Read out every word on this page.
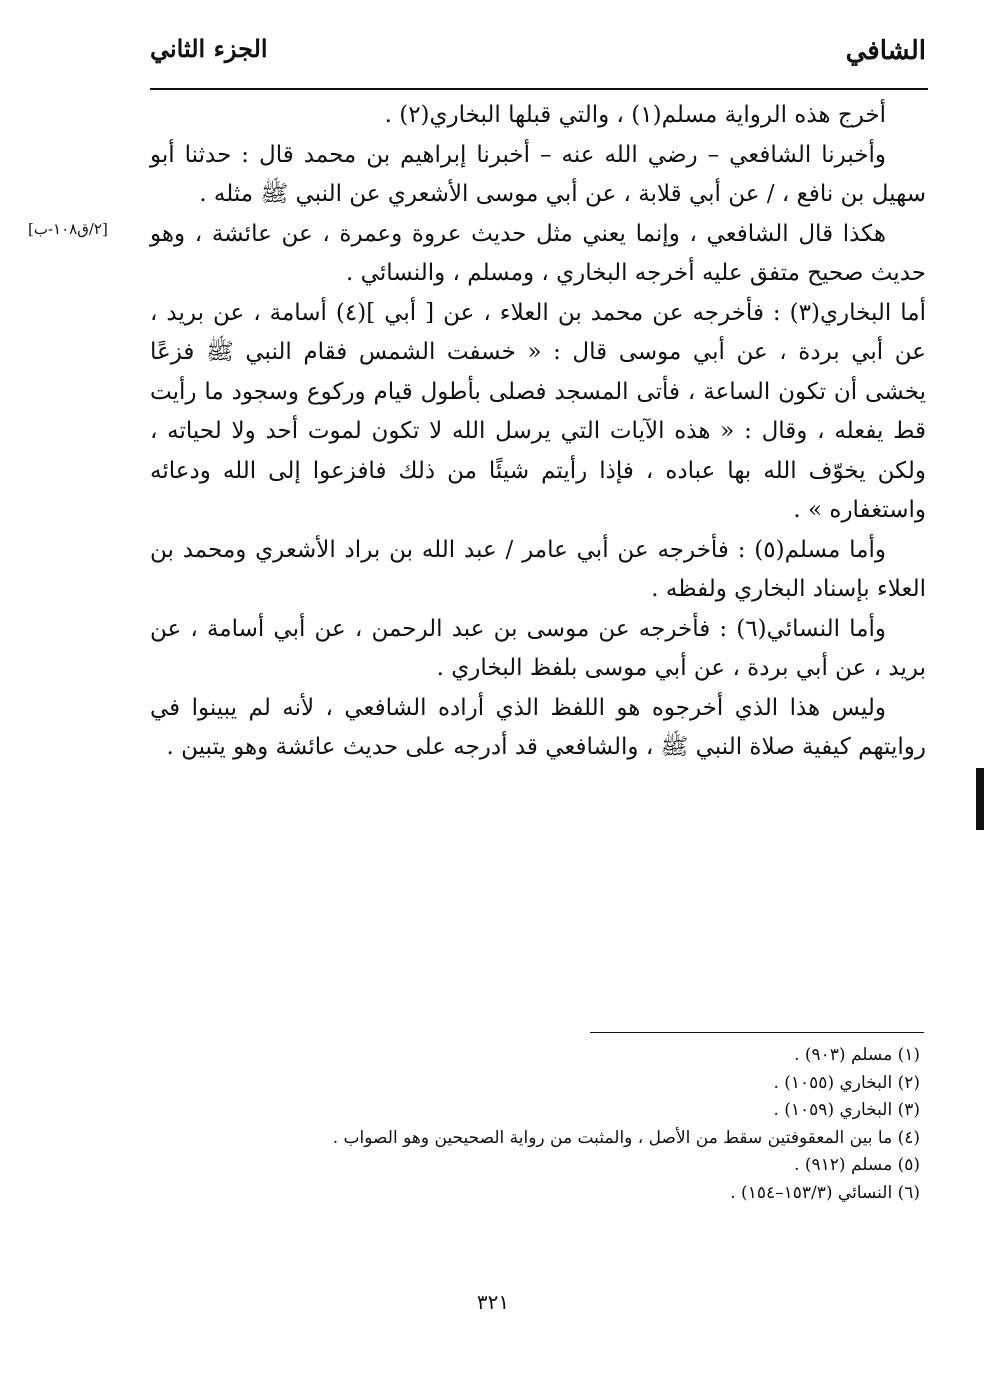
الشافي
الجزء الثاني
[٢/ق١٠٨-ب]

أخرج هذه الرواية مسلم(١) ، والتي قبلها البخاري(٢) .

وأخبرنا الشافعي – رضي الله عنه – أخبرنا إبراهيم بن محمد قال : حدثنا أبو سهيل بن نافع ، / عن أبي قلابة ، عن أبي موسى الأشعري عن النبي ﷺ مثله .

هكذا قال الشافعي ، وإنما يعني مثل حديث عروة وعمرة ، عن عائشة ، وهو حديث صحيح متفق عليه أخرجه البخاري ، ومسلم ، والنسائي .

أما البخاري(٣) : فأخرجه عن محمد بن العلاء ، عن [ أبي ](٤) أسامة ، عن بريد ، عن أبي بردة ، عن أبي موسى قال : « خسفت الشمس فقام النبي ﷺ فزعًا يخشى أن تكون الساعة ، فأتى المسجد فصلى بأطول قيام وركوع وسجود ما رأيت قط يفعله ، وقال : « هذه الآيات التي يرسل الله لا تكون لموت أحد ولا لحياته ، ولكن يخوّف الله بها عباده ، فإذا رأيتم شيئًا من ذلك فافزعوا إلى الله ودعائه واستغفاره » .

وأما مسلم(٥) : فأخرجه عن أبي عامر / عبد الله بن براد الأشعري ومحمد بن العلاء بإسناد البخاري ولفظه .

وأما النسائي(٦) : فأخرجه عن موسى بن عبد الرحمن ، عن أبي أسامة ، عن بريد ، عن أبي بردة ، عن أبي موسى بلفظ البخاري .

وليس هذا الذي أخرجوه هو اللفظ الذي أراده الشافعي ، لأنه لم يبينوا في روايتهم كيفية صلاة النبي ﷺ ، والشافعي قد أدرجه على حديث عائشة وهو يتبين .

(١) مسلم (٩٠٣) .

(٢) البخاري (١٠٥٥) .

(٣) البخاري (١٠٥٩) .

(٤) ما بين المعقوفتين سقط من الأصل ، والمثبت من رواية الصحيحين وهو الصواب .

(٥) مسلم (٩١٢) .

(٦) النسائي (١٥٣/٣–١٥٤) .

٣٢١
